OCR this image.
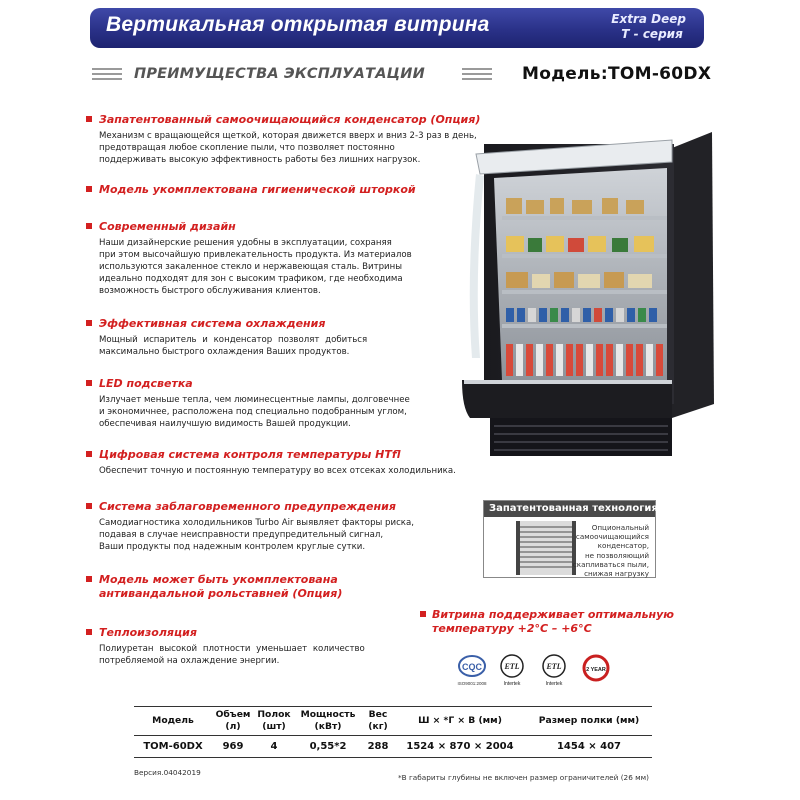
Вертикальная открытая витрина	Extra Deep
T - серия
ПРЕИМУЩЕСТВА ЭКСПЛУАТАЦИИ	Модель:TOM-60DX
Запатентованный самоочищающийся конденсатор (Опция)
Механизм с вращающейся щеткой, которая движется вверх и вниз 2-3 раз в день,
предотвращая любое скопление пыли, что позволяет постоянно
поддерживать высокую эффективность работы без лишних нагрузок.
Модель укомплектована гигиенической шторкой
Современный дизайн
Наши дизайнерские решения удобны в эксплуатации, сохраняя
при этом высочайшую привлекательность продукта. Из материалов
используются закаленное стекло и нержавеющая сталь. Витрины
идеально подходят для зон с высоким трафиком, где необходима
возможность быстрого обслуживания клиентов.
Эффективная система охлаждения
Мощный испаритель и конденсатор позволят добиться
максимально быстрого охлаждения Ваших продуктов.
LED подсветка
Излучает меньше тепла, чем люминесцентные лампы, долговечнее
и экономичнее, расположена под специально подобранным углом,
обеспечивая наилучшую видимость Вашей продукции.
Цифровая система контроля температуры HTfl
Обеспечит точную и постоянную температуру во всех отсеках холодильника.
Система заблаговременного предупреждения
Самодиагностика холодильников Turbo Air выявляет факторы риска,
подавая в случае неисправности предупредительный сигнал,
Ваши продукты под надежным контролем круглые сутки.
Модель может быть укомплектована
антивандальной рольставней (Опция)
Теплоизоляция
Полиуретан высокой плотности уменьшает количество
потребляемой на охлаждение энергии.
Запатентованная технология
Опциональный
самоочищающийся
конденсатор,
не позволяющий
скапливаться пыли,
снижая нагрузку
Витрина поддерживает оптимальную
температуру +2°C – +6°C
CQC
ISO9001:2008
ETL
Intertek
ETL
Intertek
2 YEAR
Модель	Объем (л)	Полок (шт)	Мощность (кВт)	Вес (кг)	Ш × *Г × В (мм)	Размер полки (мм)
TOM-60DX	969	4	0,55*2	288	1524 × 870 × 2004	1454 × 407
Версия.04042019
*В габариты глубины не включен размер ограничителей (26 мм)
